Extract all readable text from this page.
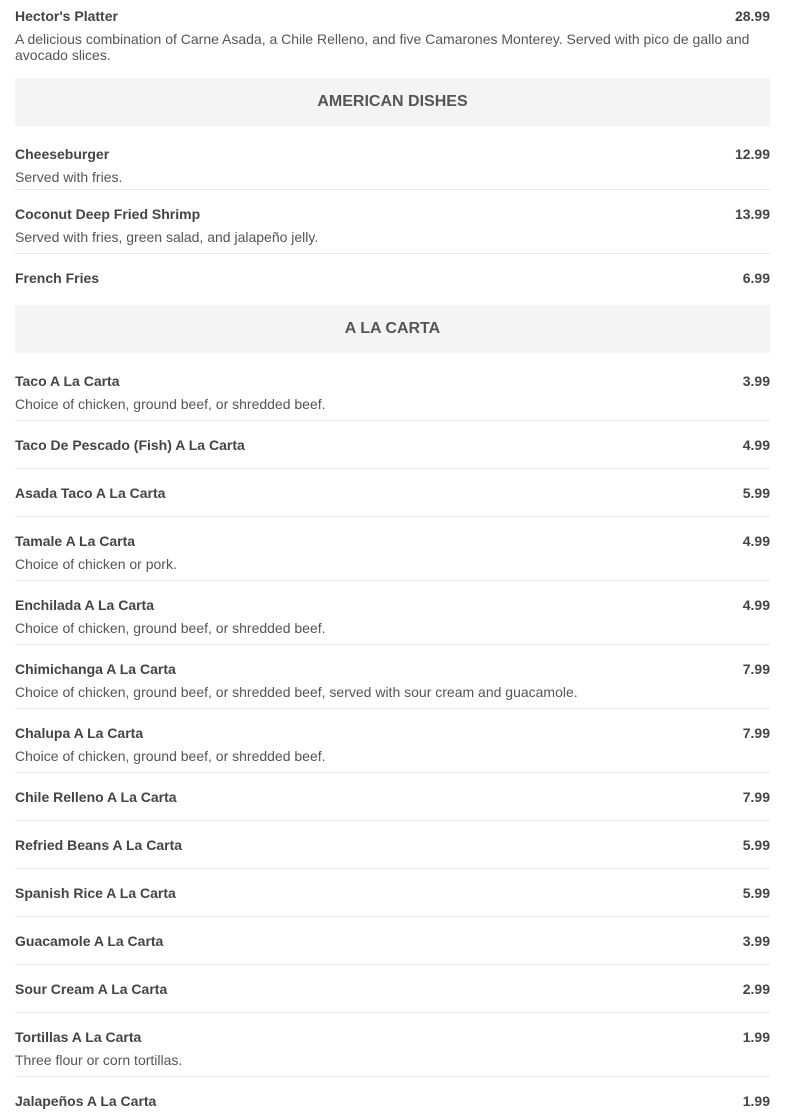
Hector's Platter	28.99
A delicious combination of Carne Asada, a Chile Relleno, and five Camarones Monterey. Served with pico de gallo and avocado slices.
AMERICAN DISHES
Cheeseburger	12.99
Served with fries.
Coconut Deep Fried Shrimp	13.99
Served with fries, green salad, and jalapeño jelly.
French Fries	6.99
A LA CARTA
Taco A La Carta	3.99
Choice of chicken, ground beef, or shredded beef.
Taco De Pescado (Fish) A La Carta	4.99
Asada Taco A La Carta	5.99
Tamale A La Carta	4.99
Choice of chicken or pork.
Enchilada A La Carta	4.99
Choice of chicken, ground beef, or shredded beef.
Chimichanga A La Carta	7.99
Choice of chicken, ground beef, or shredded beef, served with sour cream and guacamole.
Chalupa A La Carta	7.99
Choice of chicken, ground beef, or shredded beef.
Chile Relleno A La Carta	7.99
Refried Beans A La Carta	5.99
Spanish Rice A La Carta	5.99
Guacamole A La Carta	3.99
Sour Cream A La Carta	2.99
Tortillas A La Carta	1.99
Three flour or corn tortillas.
Jalapeños A La Carta	1.99
